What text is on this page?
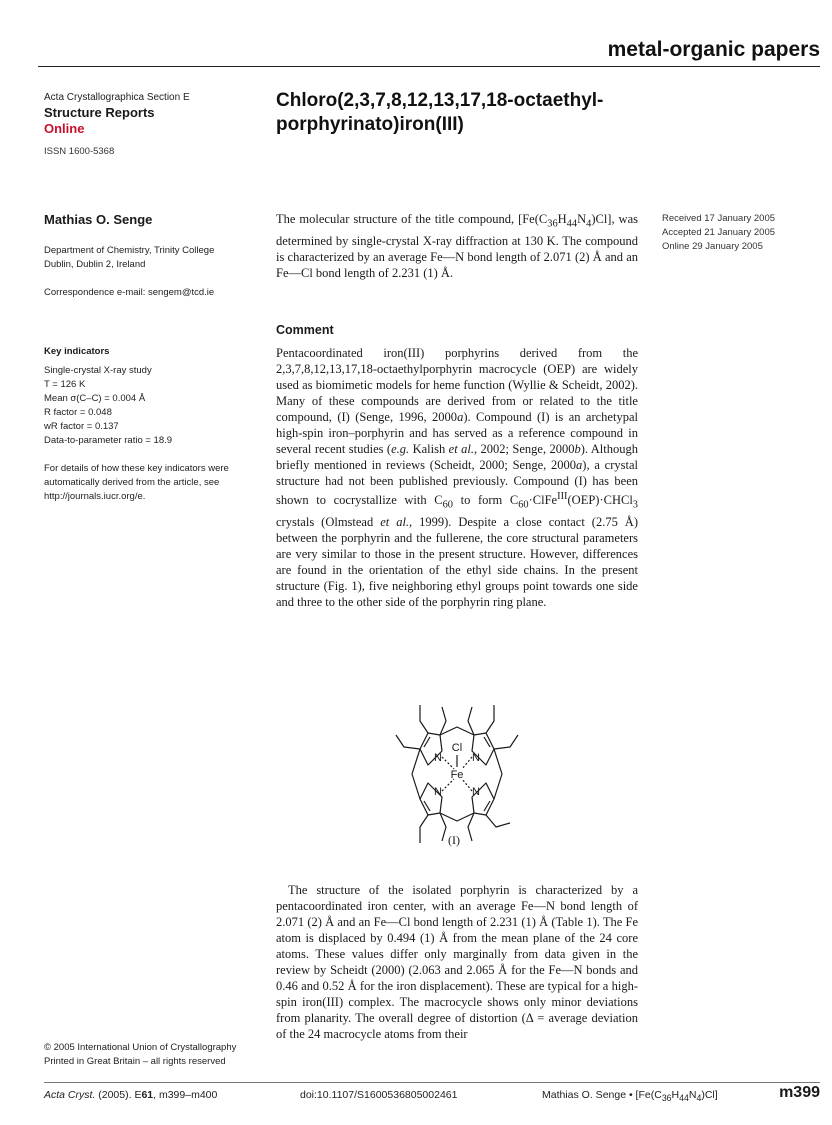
metal-organic papers
Acta Crystallographica Section E
Structure Reports
Online
ISSN 1600-5368
Chloro(2,3,7,8,12,13,17,18-octaethyl-
porphyrinato)iron(III)
Mathias O. Senge
Department of Chemistry, Trinity College
Dublin, Dublin 2, Ireland
Correspondence e-mail: sengem@tcd.ie
Key indicators
Single-crystal X-ray study
T = 126 K
Mean σ(C–C) = 0.004 Å
R factor = 0.048
wR factor = 0.137
Data-to-parameter ratio = 18.9
For details of how these key indicators were automatically derived from the article, see http://journals.iucr.org/e.
Received 17 January 2005
Accepted 21 January 2005
Online 29 January 2005
The molecular structure of the title compound, $[Fe(C_{36}H_{44}N_4)Cl]$, was determined by single-crystal X-ray diffraction at 130 K. The compound is characterized by an average Fe—N bond length of 2.071 (2) Å and an Fe—Cl bond length of 2.231 (1) Å.
Comment
Pentacoordinated iron(III) porphyrins derived from the 2,3,7,8,12,13,17,18-octaethylporphyrin macrocycle (OEP) are widely used as biomimetic models for heme function (Wyllie & Scheidt, 2002). Many of these compounds are derived from or related to the title compound, (I) (Senge, 1996, 2000a). Compound (I) is an archetypal high-spin iron–porphyrin and has served as a reference compound in several recent studies (e.g. Kalish et al., 2002; Senge, 2000b). Although briefly mentioned in reviews (Scheidt, 2000; Senge, 2000a), a crystal structure had not been published previously. Compound (I) has been shown to cocrystallize with $C_{60}$ to form $C_{60}\cdot ClFe^{III}(OEP)\cdot CHCl_3$ crystals (Olmstead et al., 1999). Despite a close contact (2.75 Å) between the porphyrin and the fullerene, the core structural parameters are very similar to those in the present structure. However, differences are found in the orientation of the ethyl side chains. In the present structure (Fig. 1), five neighboring ethyl groups point towards one side and three to the other side of the porphyrin ring plane.
Cl
Fe
N	N
N	N
(I)
The structure of the isolated porphyrin is characterized by a pentacoordinated iron center, with an average Fe—N bond length of 2.071 (2) Å and an Fe—Cl bond length of 2.231 (1) Å (Table 1). The Fe atom is displaced by 0.494 (1) Å from the mean plane of the 24 core atoms. These values differ only marginally from data given in the review by Scheidt (2000) (2.063 and 2.065 Å for the Fe—N bonds and 0.46 and 0.52 Å for the iron displacement). These are typical for a high-spin iron(III) complex. The macrocycle shows only minor deviations from planarity. The overall degree of distortion (Δ = average deviation of the 24 macrocycle atoms from their
© 2005 International Union of Crystallography
Printed in Great Britain – all rights reserved
Acta Cryst. (2005). E61, m399–m400	doi:10.1107/S1600536805002461	Mathias O. Senge • $[Fe(C_{36}H_{44}N_4)Cl]$	m399
